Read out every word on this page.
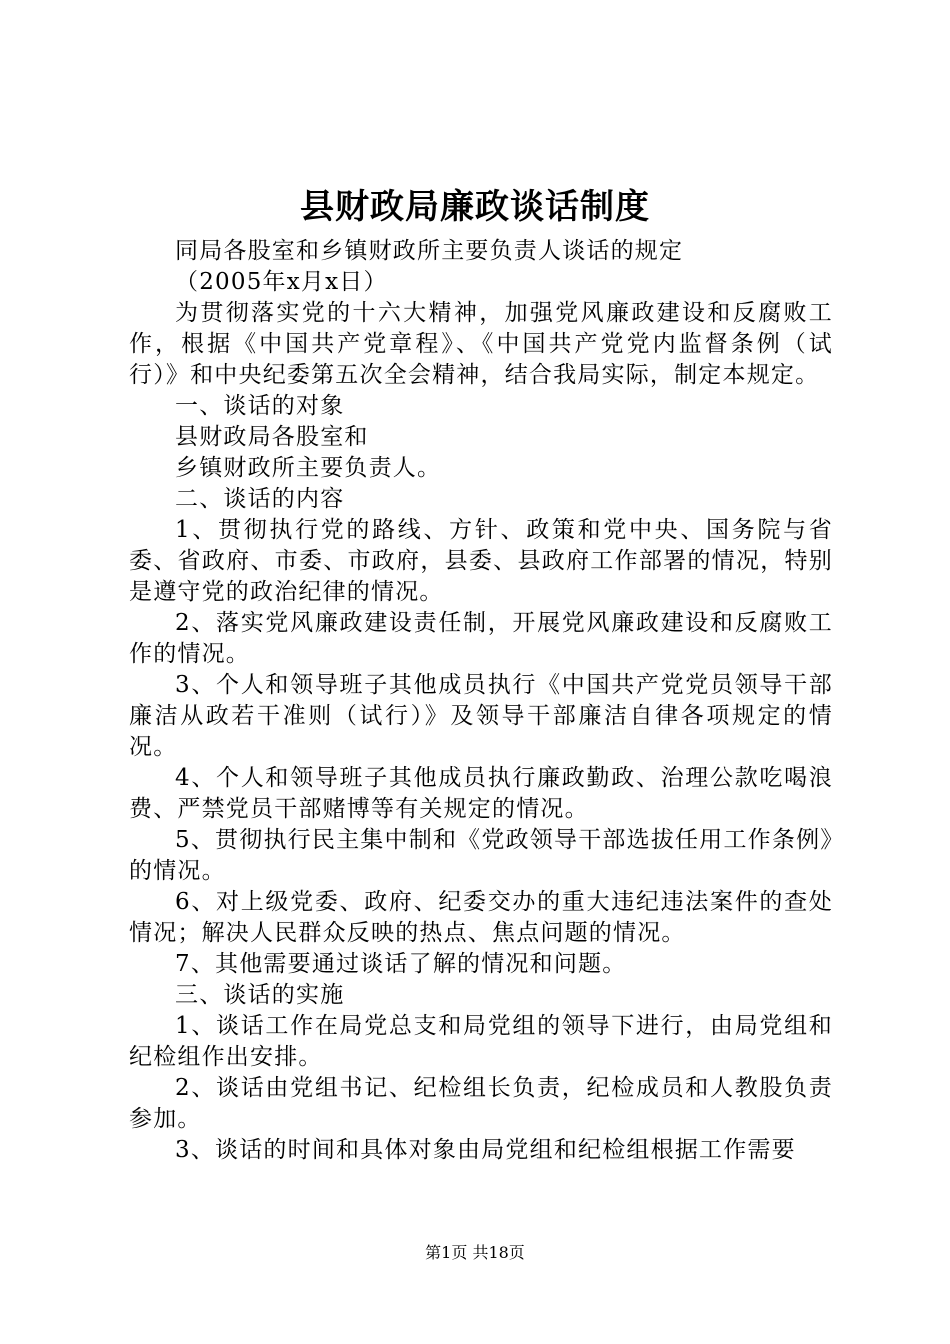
县财政局廉政谈话制度

同局各股室和乡镇财政所主要负责人谈话的规定

（2005年x月x日）

为贯彻落实党的十六大精神，加强党风廉政建设和反腐败工作，根据《中国共产党章程》、《中国共产党党内监督条例（试行）》和中央纪委第五次全会精神，结合我局实际，制定本规定。

一、谈话的对象

县财政局各股室和

乡镇财政所主要负责人。

二、谈话的内容

1、贯彻执行党的路线、方针、政策和党中央、国务院与省委、省政府、市委、市政府，县委、县政府工作部署的情况，特别是遵守党的政治纪律的情况。

2、落实党风廉政建设责任制，开展党风廉政建设和反腐败工作的情况。

3、个人和领导班子其他成员执行《中国共产党党员领导干部廉洁从政若干准则（试行）》及领导干部廉洁自律各项规定的情况。

4、个人和领导班子其他成员执行廉政勤政、治理公款吃喝浪费、严禁党员干部赌博等有关规定的情况。

5、贯彻执行民主集中制和《党政领导干部选拔任用工作条例》的情况。

6、对上级党委、政府、纪委交办的重大违纪违法案件的查处情况；解决人民群众反映的热点、焦点问题的情况。

7、其他需要通过谈话了解的情况和问题。

三、谈话的实施

1、谈话工作在局党总支和局党组的领导下进行，由局党组和纪检组作出安排。

2、谈话由党组书记、纪检组长负责，纪检成员和人教股负责参加。

3、谈话的时间和具体对象由局党组和纪检组根据工作需要

第1页 共18页
